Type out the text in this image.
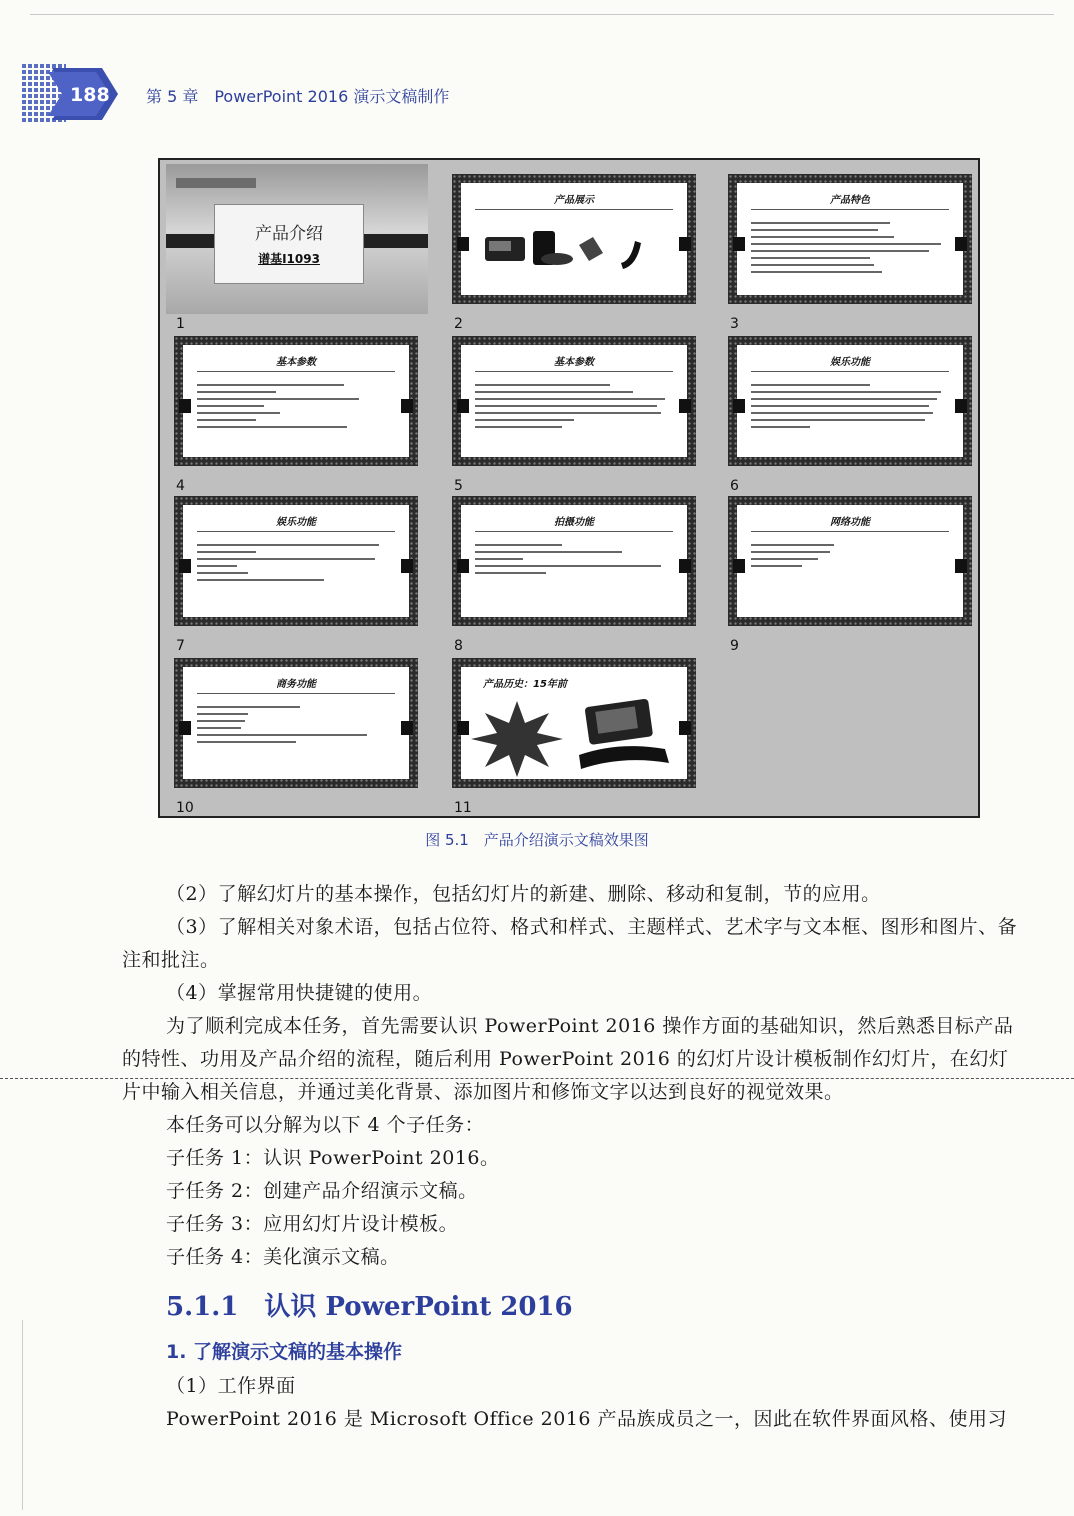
188 第 5 章　PowerPoint 2016 演示文稿制作
产品介绍
谱基I1093
1
产品展示
2
产品特色
3
基本参数
4
基本参数
5
娱乐功能
6
娱乐功能
7
拍摄功能
8
网络功能
9
商务功能
10
产品历史：15年前
11
图 5.1　产品介绍演示文稿效果图
（2）了解幻灯片的基本操作，包括幻灯片的新建、删除、移动和复制，节的应用。
（3）了解相关对象术语，包括占位符、格式和样式、主题样式、艺术字与文本框、图形和图片、备注和批注。
（4）掌握常用快捷键的使用。
为了顺利完成本任务，首先需要认识 PowerPoint 2016 操作方面的基础知识，然后熟悉目标产品的特性、功用及产品介绍的流程，随后利用 PowerPoint 2016 的幻灯片设计模板制作幻灯片，在幻灯片中输入相关信息，并通过美化背景、添加图片和修饰文字以达到良好的视觉效果。
本任务可以分解为以下 4 个子任务：
子任务 1：认识 PowerPoint 2016。
子任务 2：创建产品介绍演示文稿。
子任务 3：应用幻灯片设计模板。
子任务 4：美化演示文稿。
5.1.1　认识 PowerPoint 2016
1. 了解演示文稿的基本操作
（1）工作界面
PowerPoint 2016 是 Microsoft Office 2016 产品族成员之一，因此在软件界面风格、使用习
